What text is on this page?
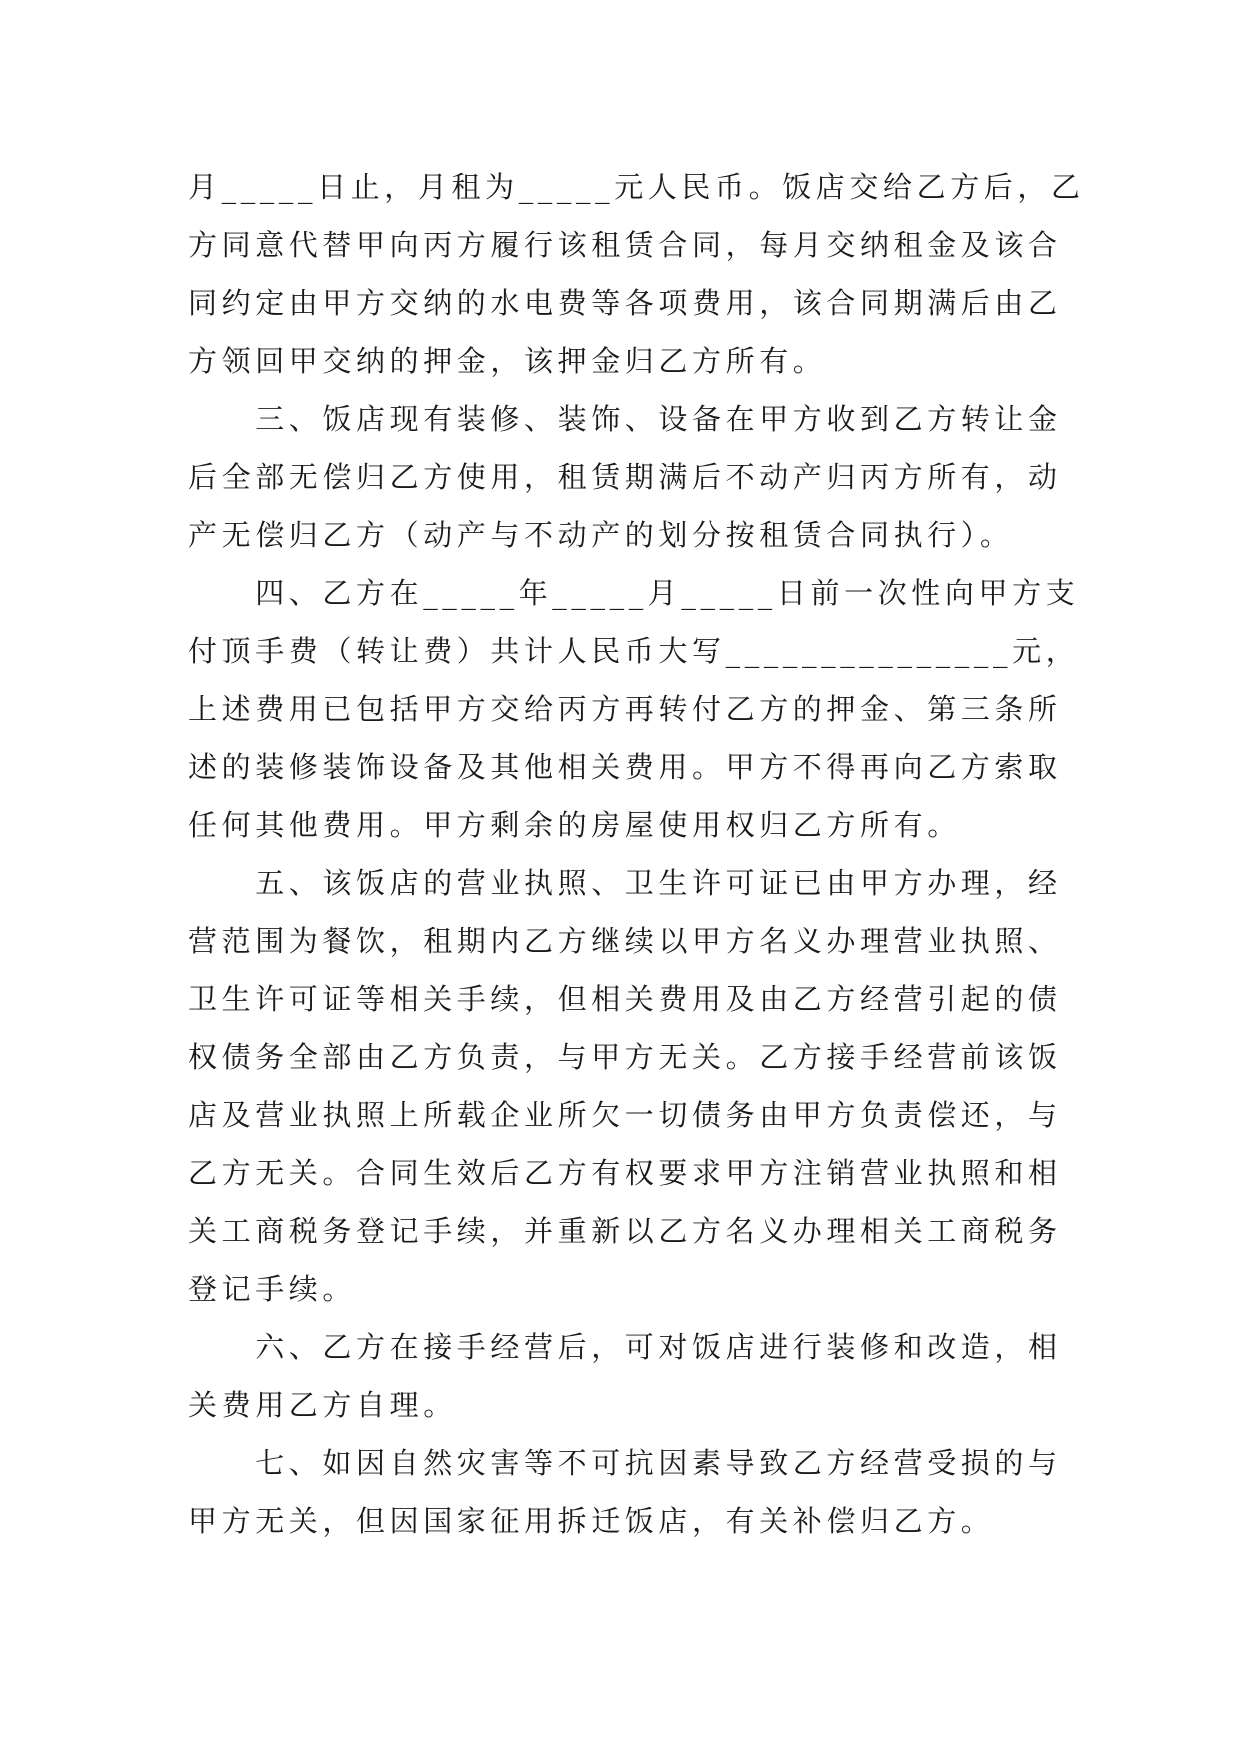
月_____日止，月租为_____元人民币。饭店交给乙方后，乙
方同意代替甲向丙方履行该租赁合同，每月交纳租金及该合
同约定由甲方交纳的水电费等各项费用，该合同期满后由乙
方领回甲交纳的押金，该押金归乙方所有。
　　三、饭店现有装修、装饰、设备在甲方收到乙方转让金
后全部无偿归乙方使用，租赁期满后不动产归丙方所有，动
产无偿归乙方（动产与不动产的划分按租赁合同执行）。
　　四、乙方在_____年_____月_____日前一次性向甲方支
付顶手费（转让费）共计人民币大写_______________元，
上述费用已包括甲方交给丙方再转付乙方的押金、第三条所
述的装修装饰设备及其他相关费用。甲方不得再向乙方索取
任何其他费用。甲方剩余的房屋使用权归乙方所有。
　　五、该饭店的营业执照、卫生许可证已由甲方办理，经
营范围为餐饮，租期内乙方继续以甲方名义办理营业执照、
卫生许可证等相关手续，但相关费用及由乙方经营引起的债
权债务全部由乙方负责，与甲方无关。乙方接手经营前该饭
店及营业执照上所载企业所欠一切债务由甲方负责偿还，与
乙方无关。合同生效后乙方有权要求甲方注销营业执照和相
关工商税务登记手续，并重新以乙方名义办理相关工商税务
登记手续。
　　六、乙方在接手经营后，可对饭店进行装修和改造，相
关费用乙方自理。
　　七、如因自然灾害等不可抗因素导致乙方经营受损的与
甲方无关，但因国家征用拆迁饭店，有关补偿归乙方。
